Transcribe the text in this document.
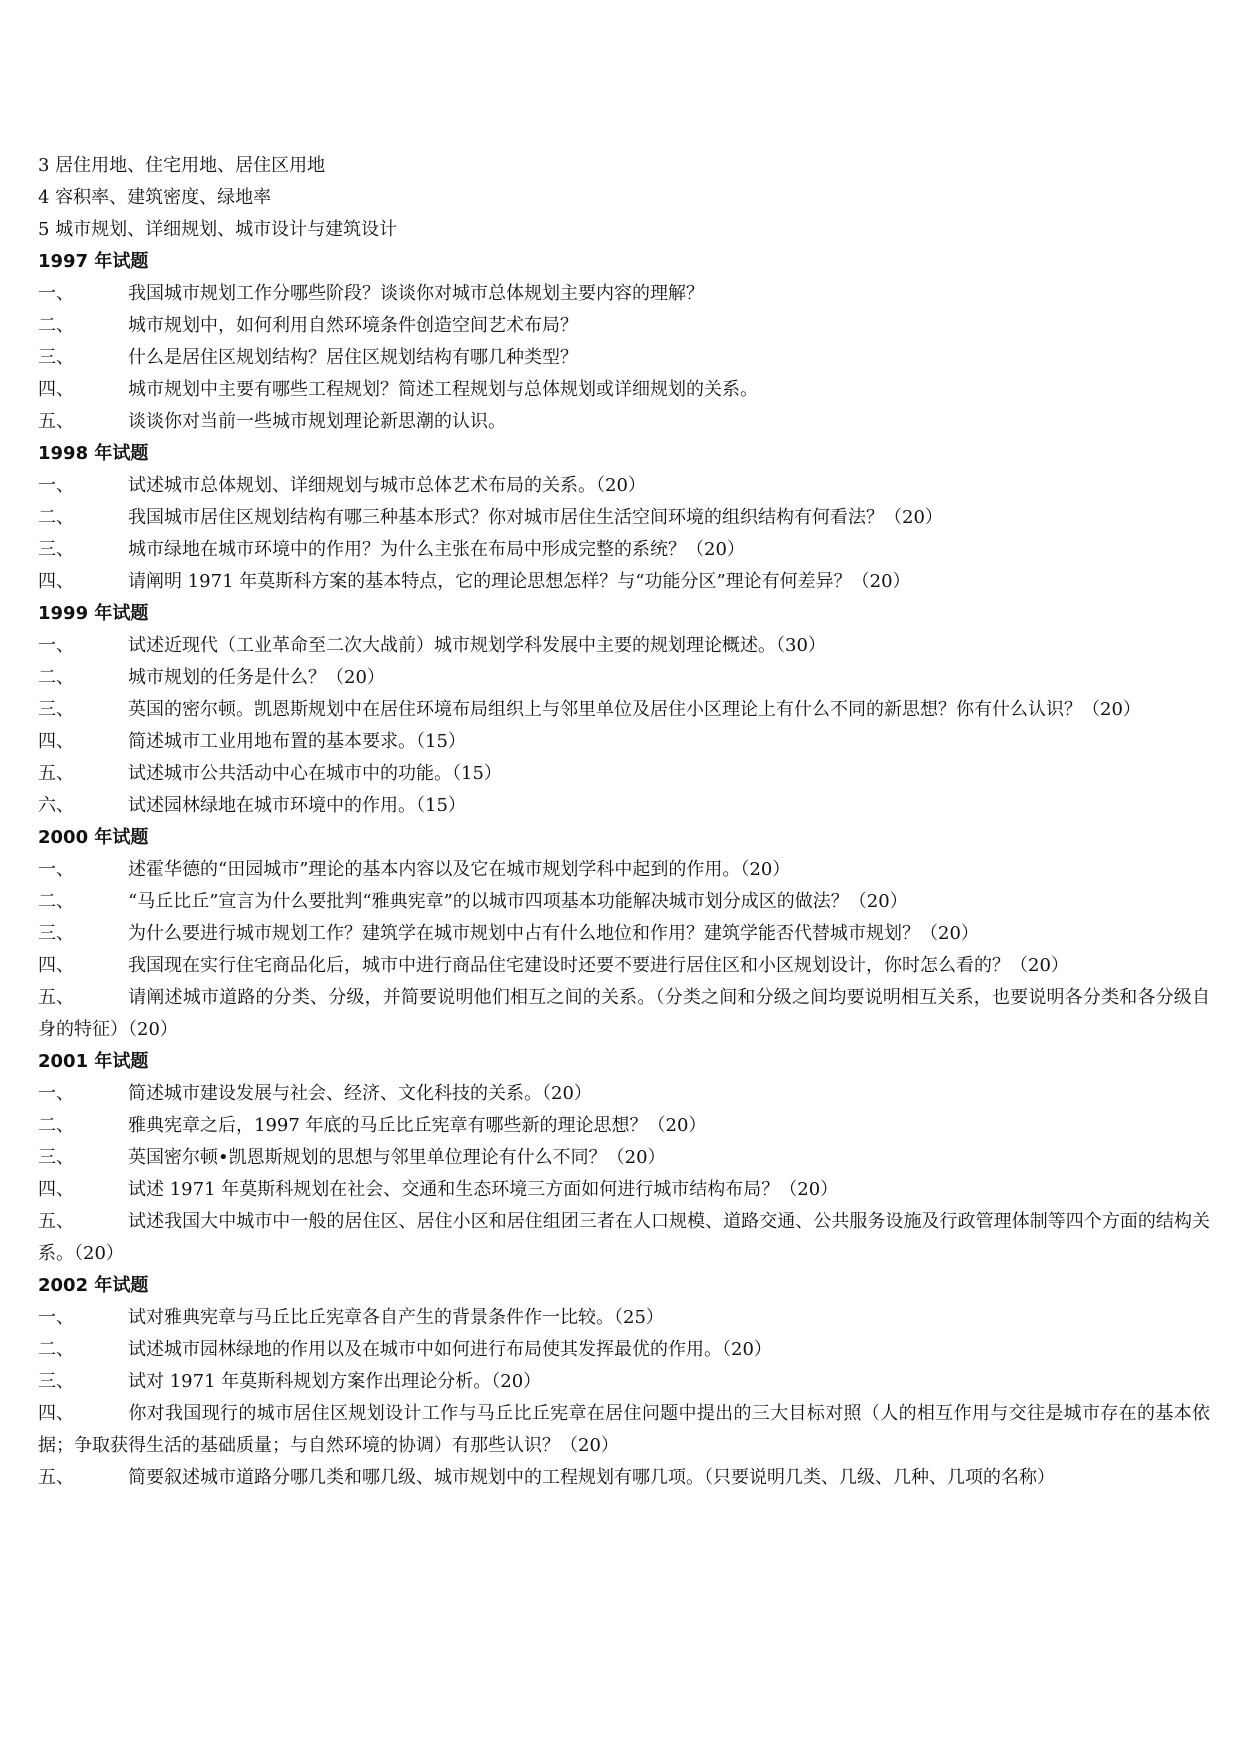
3 居住用地、住宅用地、居住区用地
4 容积率、建筑密度、绿地率
5 城市规划、详细规划、城市设计与建筑设计
1997 年试题
一、	我国城市规划工作分哪些阶段？谈谈你对城市总体规划主要内容的理解？
二、	城市规划中，如何利用自然环境条件创造空间艺术布局？
三、	什么是居住区规划结构？居住区规划结构有哪几种类型？
四、	城市规划中主要有哪些工程规划？简述工程规划与总体规划或详细规划的关系。
五、	谈谈你对当前一些城市规划理论新思潮的认识。
1998 年试题
一、	试述城市总体规划、详细规划与城市总体艺术布局的关系。（20）
二、	我国城市居住区规划结构有哪三种基本形式？你对城市居住生活空间环境的组织结构有何看法？（20）
三、	城市绿地在城市环境中的作用？为什么主张在布局中形成完整的系统？（20）
四、	请阐明 1971 年莫斯科方案的基本特点，它的理论思想怎样？与“功能分区”理论有何差异？（20）
1999 年试题
一、	试述近现代（工业革命至二次大战前）城市规划学科发展中主要的规划理论概述。（30）
二、	城市规划的任务是什么？（20）
三、	英国的密尔顿。凯恩斯规划中在居住环境布局组织上与邻里单位及居住小区理论上有什么不同的新思想？你有什么认识？（20）
四、	简述城市工业用地布置的基本要求。（15）
五、	试述城市公共活动中心在城市中的功能。（15）
六、	试述园林绿地在城市环境中的作用。（15）
2000 年试题
一、	述霍华德的“田园城市”理论的基本内容以及它在城市规划学科中起到的作用。（20）
二、	“马丘比丘”宣言为什么要批判“雅典宪章”的以城市四项基本功能解决城市划分成区的做法？（20）
三、	为什么要进行城市规划工作？建筑学在城市规划中占有什么地位和作用？建筑学能否代替城市规划？（20）
四、	我国现在实行住宅商品化后，城市中进行商品住宅建设时还要不要进行居住区和小区规划设计，你时怎么看的？（20）
五、	请阐述城市道路的分类、分级，并简要说明他们相互之间的关系。（分类之间和分级之间均要说明相互关系，也要说明各分类和各分级自身的特征）（20）
2001 年试题
一、	简述城市建设发展与社会、经济、文化科技的关系。（20）
二、	雅典宪章之后，1997 年底的马丘比丘宪章有哪些新的理论思想？（20）
三、	英国密尔顿•凯恩斯规划的思想与邻里单位理论有什么不同？（20）
四、	试述 1971 年莫斯科规划在社会、交通和生态环境三方面如何进行城市结构布局？（20）
五、	试述我国大中城市中一般的居住区、居住小区和居住组团三者在人口规模、道路交通、公共服务设施及行政管理体制等四个方面的结构关系。（20）
2002 年试题
一、	试对雅典宪章与马丘比丘宪章各自产生的背景条件作一比较。（25）
二、	试述城市园林绿地的作用以及在城市中如何进行布局使其发挥最优的作用。（20）
三、	试对 1971 年莫斯科规划方案作出理论分析。（20）
四、	你对我国现行的城市居住区规划设计工作与马丘比丘宪章在居住问题中提出的三大目标对照（人的相互作用与交往是城市存在的基本依据；争取获得生活的基础质量；与自然环境的协调）有那些认识？（20）
五、	简要叙述城市道路分哪几类和哪几级、城市规划中的工程规划有哪几项。（只要说明几类、几级、几种、几项的名称）
